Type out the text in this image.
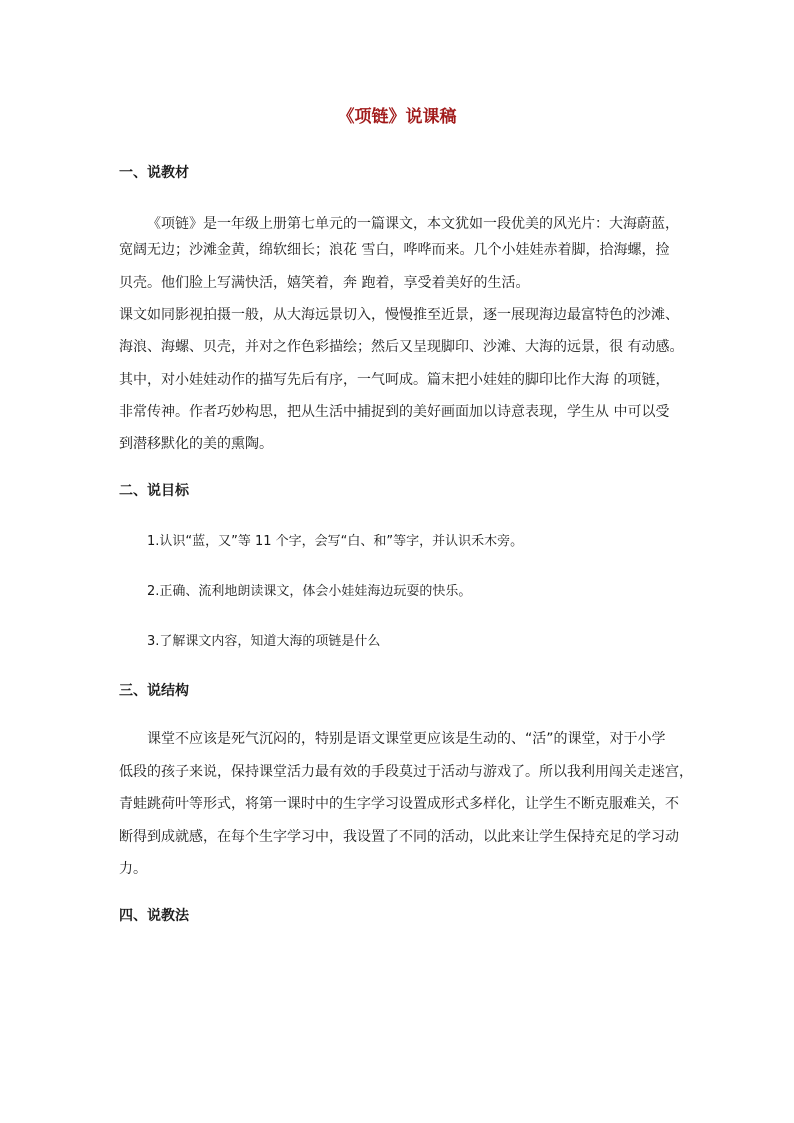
《项链》说课稿
一、说教材
《项链》是一年级上册第七单元的一篇课文，本文犹如一段优美的风光片：大海蔚蓝，
宽阔无边；沙滩金黄，绵软细长；浪花 雪白，哗哗而来。几个小娃娃赤着脚，拾海螺，捡
贝壳。他们脸上写满快活，嬉笑着，奔 跑着，享受着美好的生活。
课文如同影视拍摄一般，从大海远景切入，慢慢推至近景，逐一展现海边最富特色的沙滩、
海浪、海螺、贝壳，并对之作色彩描绘；然后又呈现脚印、沙滩、大海的远景，很 有动感。
其中，对小娃娃动作的描写先后有序，一气呵成。篇末把小娃娃的脚印比作大海 的项链，
非常传神。作者巧妙构思，把从生活中捕捉到的美好画面加以诗意表现，学生从 中可以受
到潜移默化的美的熏陶。
二、说目标
1.认识“蓝，又”等 11 个字，会写“白、和”等字，并认识禾木旁。
2.正确、流利地朗读课文，体会小娃娃海边玩耍的快乐。
3.了解课文内容，知道大海的项链是什么
三、说结构
课堂不应该是死气沉闷的，特别是语文课堂更应该是生动的、“活”的课堂，对于小学
低段的孩子来说，保持课堂活力最有效的手段莫过于活动与游戏了。所以我利用闯关走迷宫，
青蛙跳荷叶等形式，将第一课时中的生字学习设置成形式多样化，让学生不断克服难关，不
断得到成就感，在每个生字学习中，我设置了不同的活动，以此来让学生保持充足的学习动
力。
四、说教法
